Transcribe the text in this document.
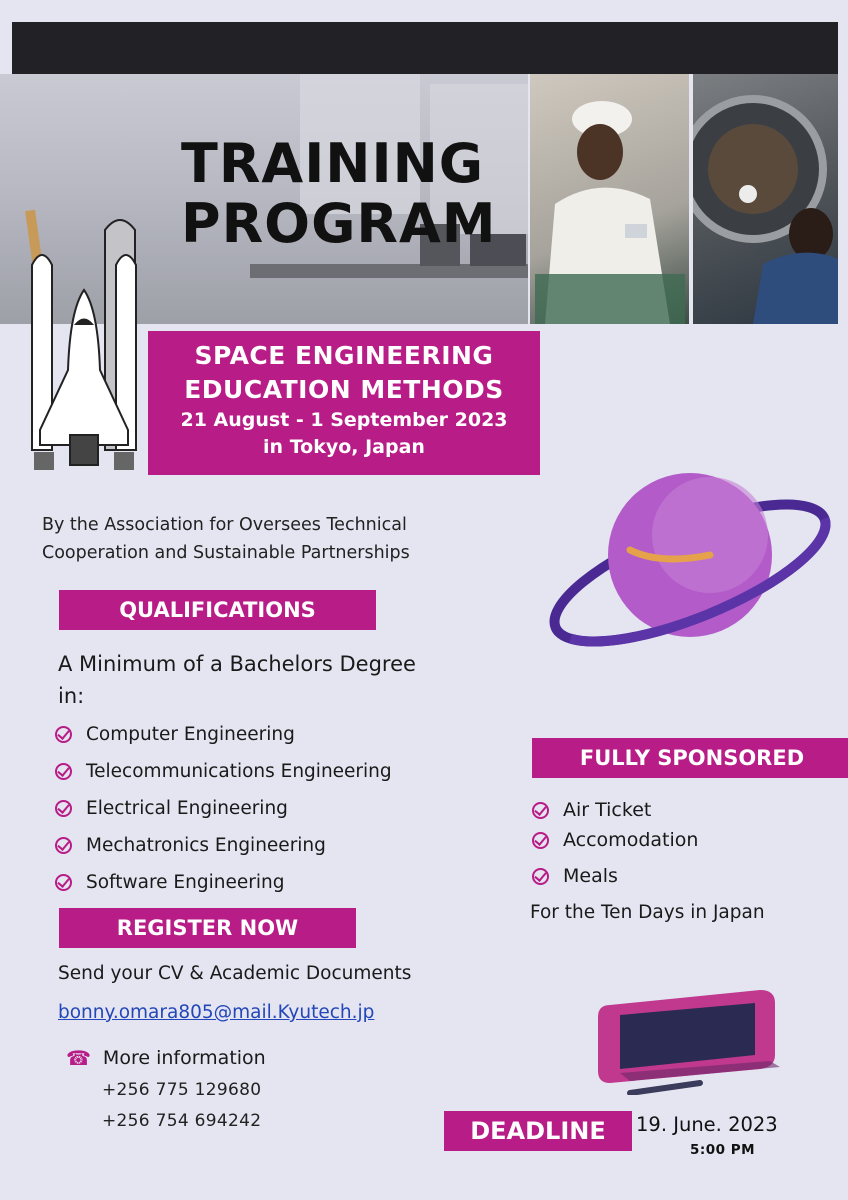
TRAINING
PROGRAM
SPACE ENGINEERING
EDUCATION METHODS
21 August - 1 September 2023
in Tokyo, Japan
By the Association for Oversees Technical
Cooperation and Sustainable Partnerships
QUALIFICATIONS
A Minimum of a Bachelors Degree
in:
Computer Engineering
Telecommunications Engineering
Electrical Engineering
Mechatronics Engineering
Software Engineering
FULLY SPONSORED
Air Ticket
Accomodation
Meals
For the Ten Days in Japan
REGISTER NOW
Send your CV & Academic Documents
bonny.omara805@mail.Kyutech.jp
☎ More information
+256 775 129680
+256 754 694242	DEADLINE	19. June. 2023
5:00 PM
